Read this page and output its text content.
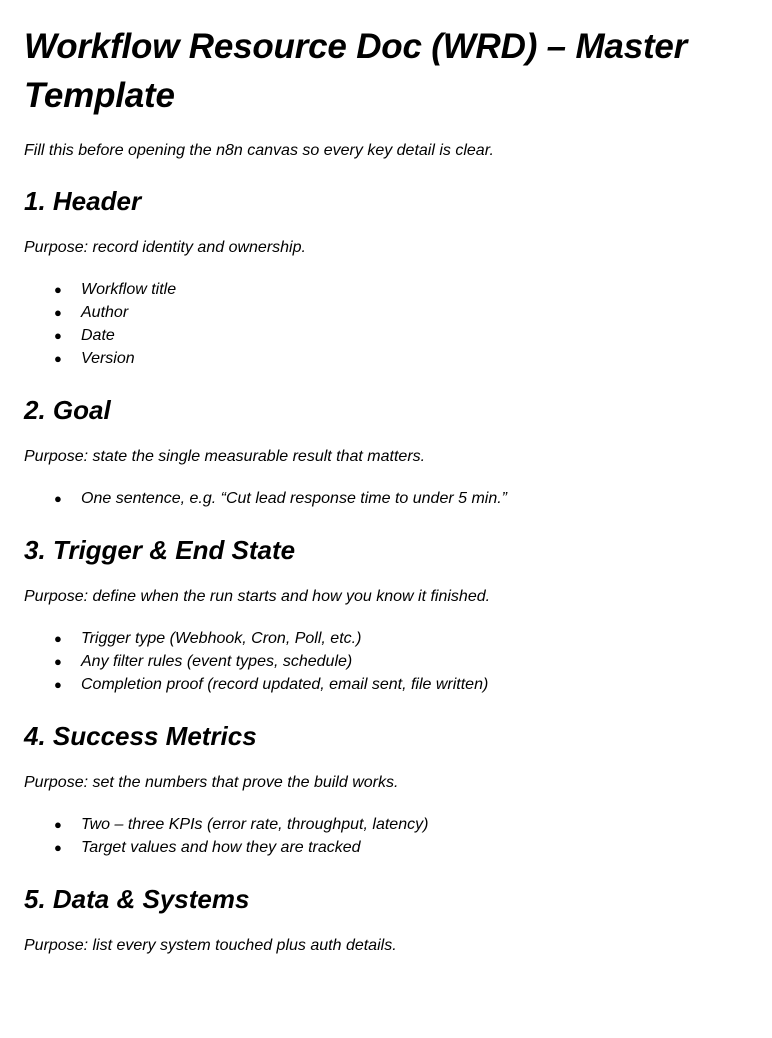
Workflow Resource Doc (WRD) – Master Template

Fill this before opening the n8n canvas so every key detail is clear.

1. Header

Purpose: record identity and ownership.

● Workflow title
● Author
● Date
● Version
2. Goal

Purpose: state the single measurable result that matters.

● One sentence, e.g. “Cut lead response time to under 5 min.”
3. Trigger & End State

Purpose: define when the run starts and how you know it finished.

● Trigger type (Webhook, Cron, Poll, etc.)
● Any filter rules (event types, schedule)
● Completion proof (record updated, email sent, file written)
4. Success Metrics

Purpose: set the numbers that prove the build works.

● Two – three KPIs (error rate, throughput, latency)
● Target values and how they are tracked
5. Data & Systems

Purpose: list every system touched plus auth details.
